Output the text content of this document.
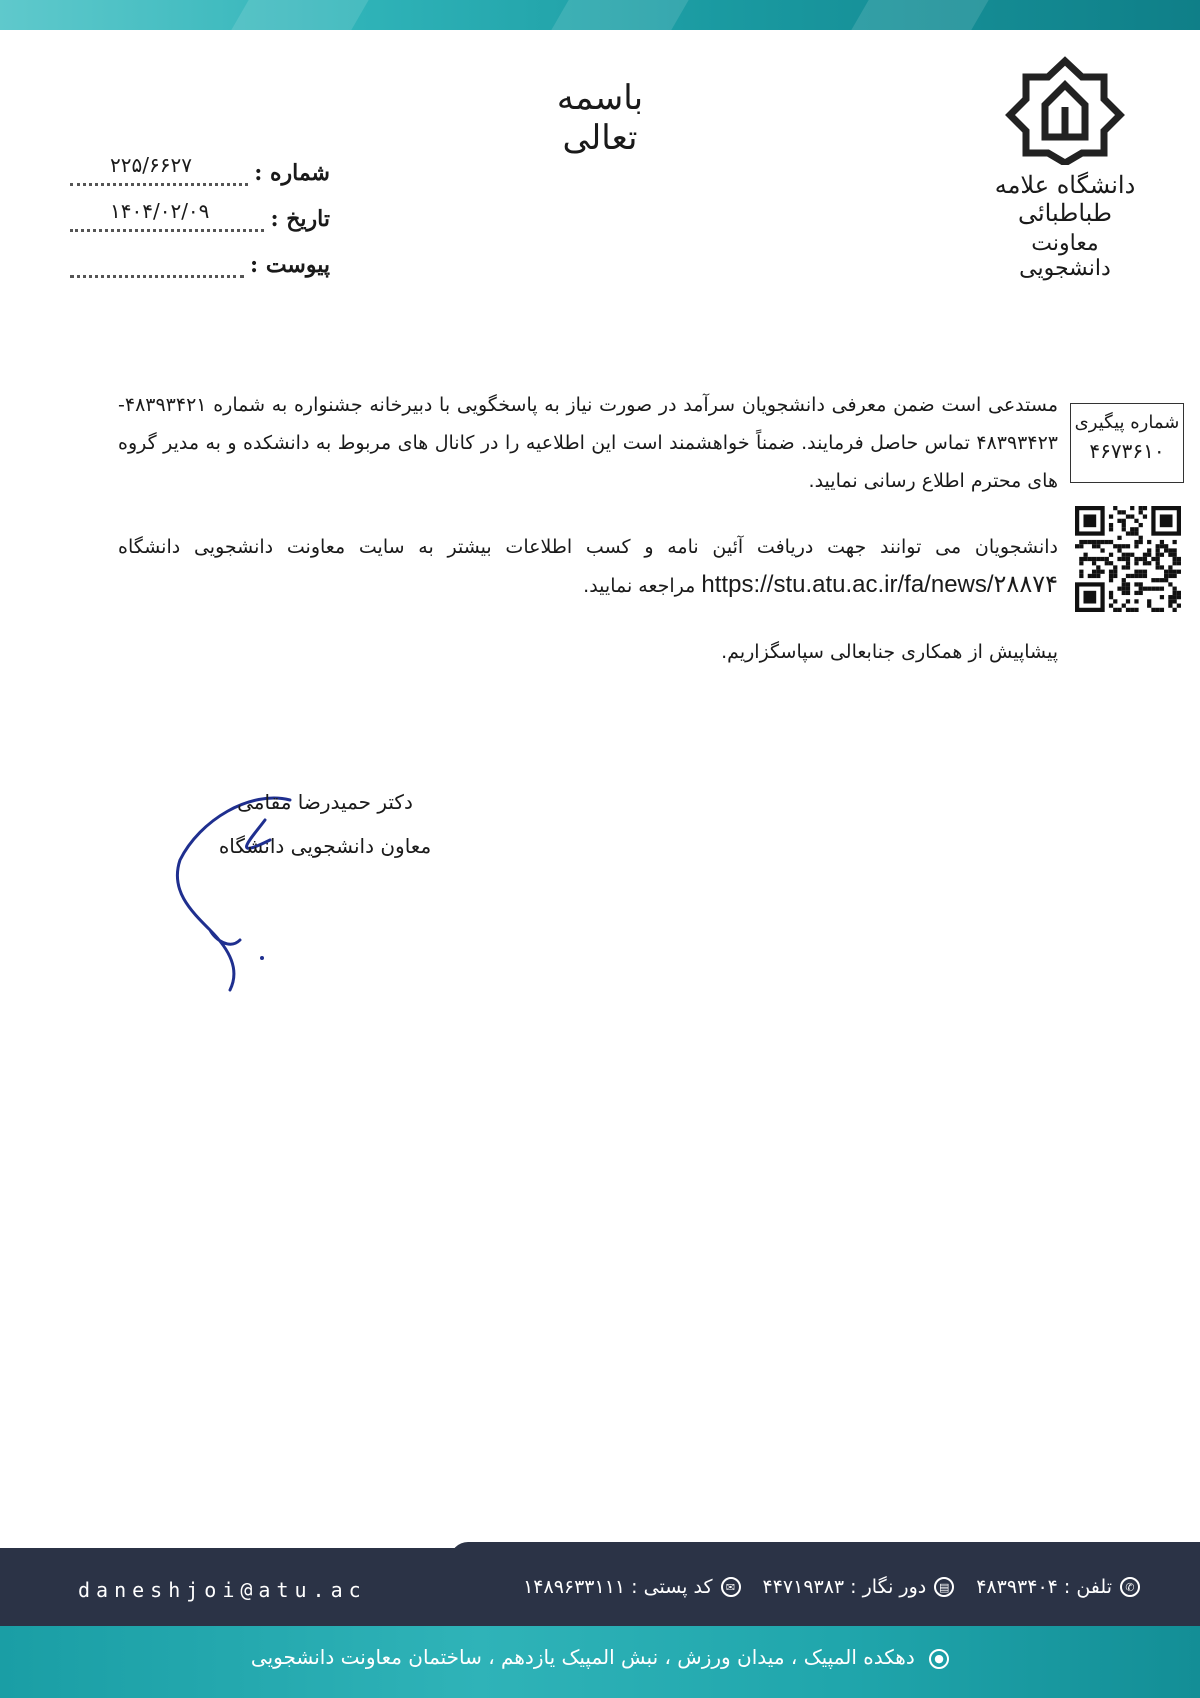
دانشگاه علامه طباطبائی
معاونت دانشجویی
باسمه تعالی
شماره :
۲۲۵/۶۶۲۷
تاریخ :
۱۴۰۴/۰۲/۰۹
پیوست :
شماره پیگیری
۴۶۷۳۶۱۰

مستدعی است ضمن معرفی دانشجویان سرآمد در صورت نیاز به پاسخگویی با دبیرخانه جشنواره به شماره ۴۸۳۹۳۴۲۱- ۴۸۳۹۳۴۲۳ تماس حاصل فرمایند. ضمناً خواهشمند است این اطلاعیه را در کانال های مربوط به دانشکده و به مدیر گروه های محترم اطلاع رسانی نمایید.

دانشجویان می توانند جهت دریافت آئین نامه و کسب اطلاعات بیشتر به سایت معاونت دانشجویی دانشگاه https://stu.atu.ac.ir/fa/news/۲۸۸۷۴ مراجعه نمایید.

پیشاپیش از همکاری جنابعالی سپاسگزاریم.

دکتر حمیدرضا مقامی
معاون دانشجویی دانشگاه
daneshjoi@atu.ac	✆
تلفن : ۴۸۳۹۳۴۰۴
▤
دور نگار : ۴۴۷۱۹۳۸۳
✉
کد پستی : ۱۴۸۹۶۳۳۱۱۱
● دهکده المپیک ، میدان ورزش ، نبش المپیک یازدهم ، ساختمان معاونت دانشجویی
